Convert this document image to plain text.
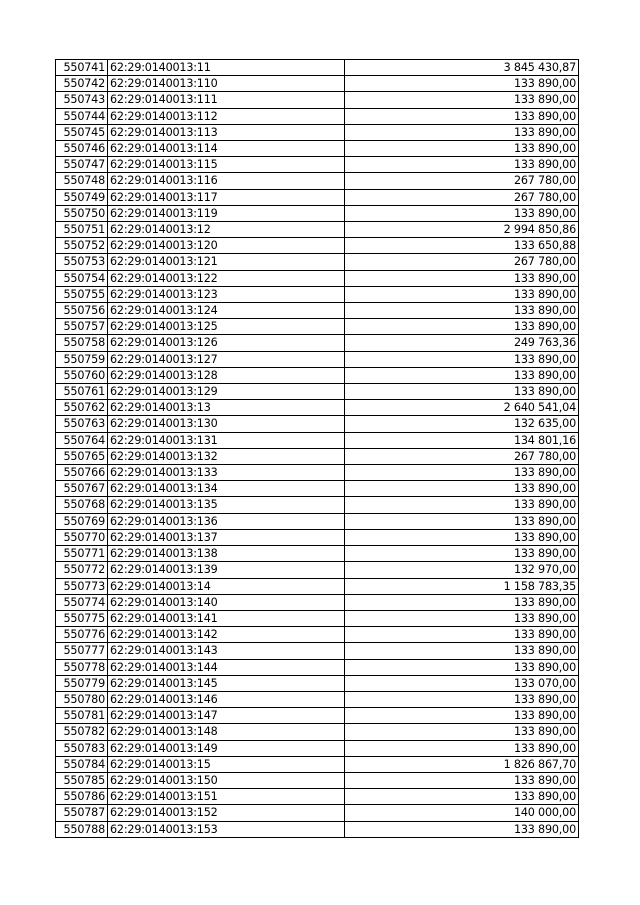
550741	62:29:0140013:11	3 845 430,87
550742	62:29:0140013:110	133 890,00
550743	62:29:0140013:111	133 890,00
550744	62:29:0140013:112	133 890,00
550745	62:29:0140013:113	133 890,00
550746	62:29:0140013:114	133 890,00
550747	62:29:0140013:115	133 890,00
550748	62:29:0140013:116	267 780,00
550749	62:29:0140013:117	267 780,00
550750	62:29:0140013:119	133 890,00
550751	62:29:0140013:12	2 994 850,86
550752	62:29:0140013:120	133 650,88
550753	62:29:0140013:121	267 780,00
550754	62:29:0140013:122	133 890,00
550755	62:29:0140013:123	133 890,00
550756	62:29:0140013:124	133 890,00
550757	62:29:0140013:125	133 890,00
550758	62:29:0140013:126	249 763,36
550759	62:29:0140013:127	133 890,00
550760	62:29:0140013:128	133 890,00
550761	62:29:0140013:129	133 890,00
550762	62:29:0140013:13	2 640 541,04
550763	62:29:0140013:130	132 635,00
550764	62:29:0140013:131	134 801,16
550765	62:29:0140013:132	267 780,00
550766	62:29:0140013:133	133 890,00
550767	62:29:0140013:134	133 890,00
550768	62:29:0140013:135	133 890,00
550769	62:29:0140013:136	133 890,00
550770	62:29:0140013:137	133 890,00
550771	62:29:0140013:138	133 890,00
550772	62:29:0140013:139	132 970,00
550773	62:29:0140013:14	1 158 783,35
550774	62:29:0140013:140	133 890,00
550775	62:29:0140013:141	133 890,00
550776	62:29:0140013:142	133 890,00
550777	62:29:0140013:143	133 890,00
550778	62:29:0140013:144	133 890,00
550779	62:29:0140013:145	133 070,00
550780	62:29:0140013:146	133 890,00
550781	62:29:0140013:147	133 890,00
550782	62:29:0140013:148	133 890,00
550783	62:29:0140013:149	133 890,00
550784	62:29:0140013:15	1 826 867,70
550785	62:29:0140013:150	133 890,00
550786	62:29:0140013:151	133 890,00
550787	62:29:0140013:152	140 000,00
550788	62:29:0140013:153	133 890,00
